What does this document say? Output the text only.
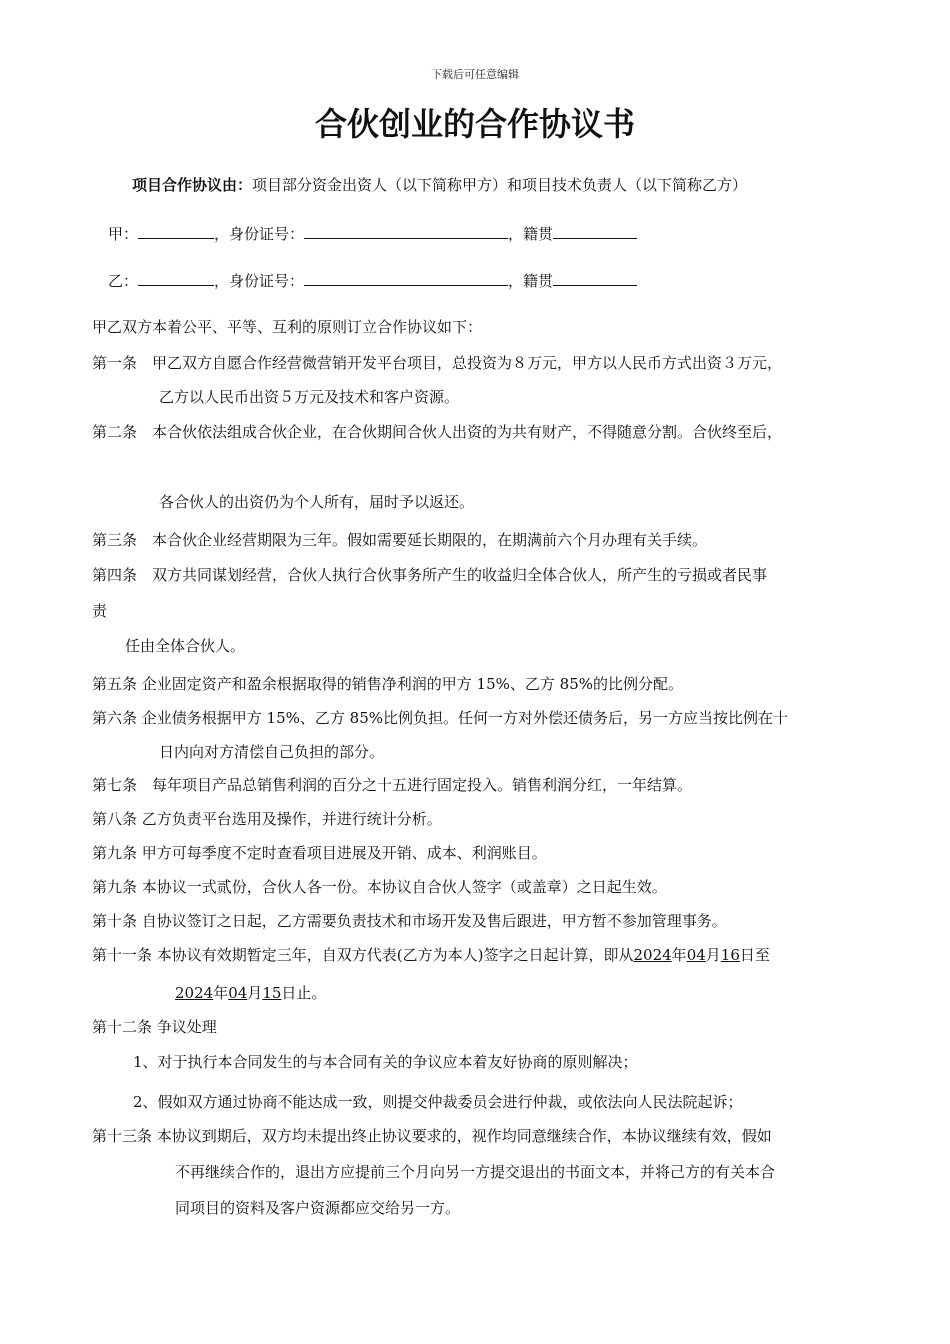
下载后可任意编辑
合伙创业的合作协议书
项目合作协议由：项目部分资金出资人（以下简称甲方）和项目技术负责人（以下简称乙方）
甲：	，身份证号：	，籍贯
乙：	，身份证号：	，籍贯
甲乙双方本着公平、平等、互利的原则订立合作协议如下：
第一条　甲乙双方自愿合作经营微营销开发平台项目，总投资为８万元，甲方以人民币方式出资３万元，
乙方以人民币出资５万元及技术和客户资源。
第二条　本合伙依法组成合伙企业，在合伙期间合伙人出资的为共有财产，不得随意分割。合伙终至后，
各合伙人的出资仍为个人所有，届时予以返还。
第三条　本合伙企业经营期限为三年。假如需要延长期限的，在期满前六个月办理有关手续。
第四条　双方共同谋划经营，合伙人执行合伙事务所产生的收益归全体合伙人，所产生的亏损或者民事
责
任由全体合伙人。
第五条 企业固定资产和盈余根据取得的销售净利润的甲方 15%、乙方 85%的比例分配。
第六条 企业债务根据甲方 15%、乙方 85%比例负担。任何一方对外偿还债务后，另一方应当按比例在十
日内向对方清偿自己负担的部分。
第七条　每年项目产品总销售利润的百分之十五进行固定投入。销售利润分红，一年结算。
第八条 乙方负责平台选用及操作，并进行统计分析。
第九条 甲方可每季度不定时查看项目进展及开销、成本、利润账目。
第九条 本协议一式贰份，合伙人各一份。本协议自合伙人签字（或盖章）之日起生效。
第十条 自协议签订之日起，乙方需要负责技术和市场开发及售后跟进，甲方暂不参加管理事务。
第十一条 本协议有效期暂定三年，自双方代表(乙方为本人)签字之日起计算，即从2024年04月16日至
2024年04月15日止。
第十二条 争议处理
1、对于执行本合同发生的与本合同有关的争议应本着友好协商的原则解决；
2、假如双方通过协商不能达成一致，则提交仲裁委员会进行仲裁，或依法向人民法院起诉；
第十三条 本协议到期后，双方均未提出终止协议要求的，视作均同意继续合作，本协议继续有效，假如
不再继续合作的，退出方应提前三个月向另一方提交退出的书面文本，并将己方的有关本合
同项目的资料及客户资源都应交给另一方。
